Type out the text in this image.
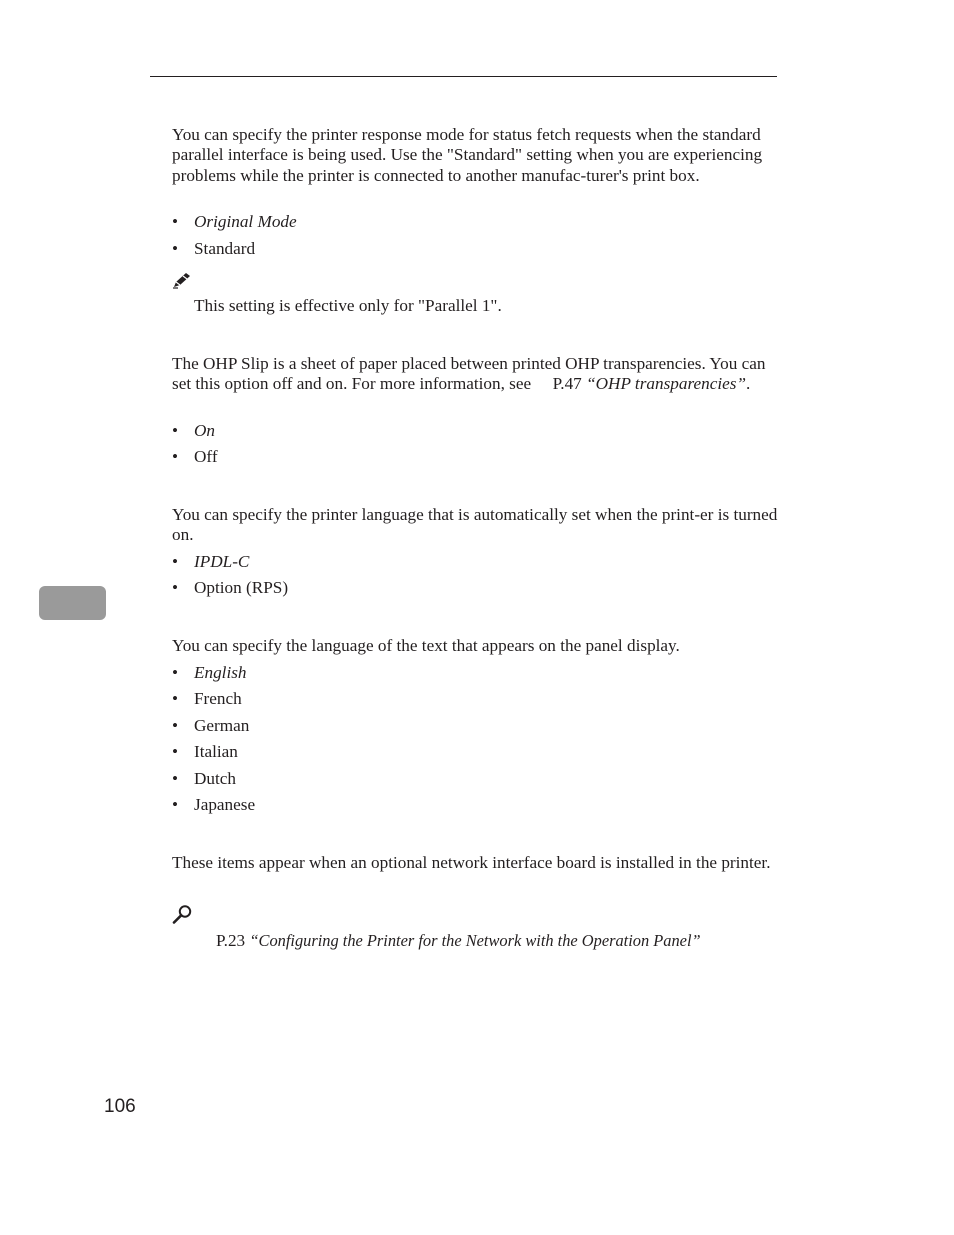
You can specify the printer response mode for status fetch requests when the standard parallel interface is being used. Use the "Standard" setting when you are experiencing problems while the printer is connected to another manufac-turer's print box.

• Original Mode
• Standard
This setting is effective only for "Parallel 1".

The OHP Slip is a sheet of paper placed between printed OHP transparencies. You can set this option off and on. For more information, see P.47 “OHP transparencies”.

• On
• Off

You can specify the printer language that is automatically set when the print-er is turned on.

• IPDL-C
• Option (RPS)

You can specify the language of the text that appears on the panel display.

• English
• French
• German
• Italian
• Dutch
• Japanese

These items appear when an optional network interface board is installed in the printer.

P.23 “Configuring the Printer for the Network with the Operation Panel”
106
